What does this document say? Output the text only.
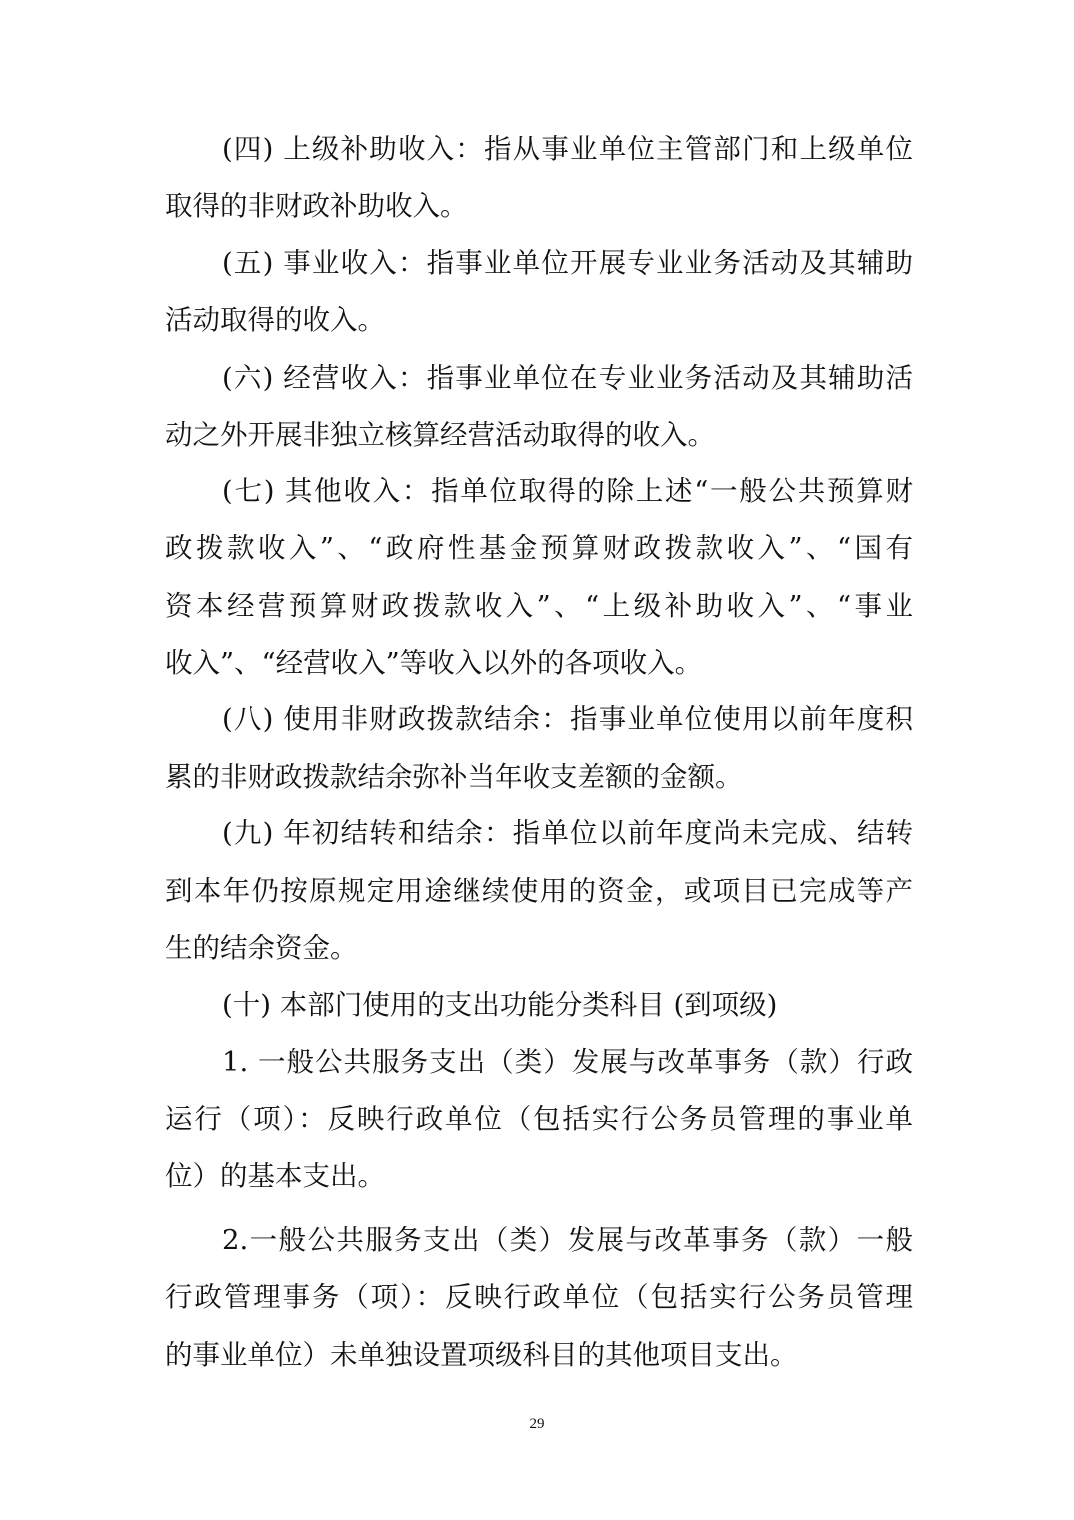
(四) 上级补助收入：指从事业单位主管部门和上级单位
取得的非财政补助收入。
(五) 事业收入：指事业单位开展专业业务活动及其辅助
活动取得的收入。
(六) 经营收入：指事业单位在专业业务活动及其辅助活
动之外开展非独立核算经营活动取得的收入。
(七) 其他收入：指单位取得的除上述“一般公共预算财
政拨款收入”、“政府性基金预算财政拨款收入”、“国有
资本经营预算财政拨款收入”、“上级补助收入”、“事业
收入”、“经营收入”等收入以外的各项收入。
(八) 使用非财政拨款结余：指事业单位使用以前年度积
累的非财政拨款结余弥补当年收支差额的金额。
(九) 年初结转和结余：指单位以前年度尚未完成、结转
到本年仍按原规定用途继续使用的资金，或项目已完成等产
生的结余资金。
(十) 本部门使用的支出功能分类科目 (到项级)
1. 一般公共服务支出（类）发展与改革事务（款）行政
运行（项）：反映行政单位（包括实行公务员管理的事业单
位）的基本支出。
2.一般公共服务支出（类）发展与改革事务（款）一般
行政管理事务（项）：反映行政单位（包括实行公务员管理
的事业单位）未单独设置项级科目的其他项目支出。
29
